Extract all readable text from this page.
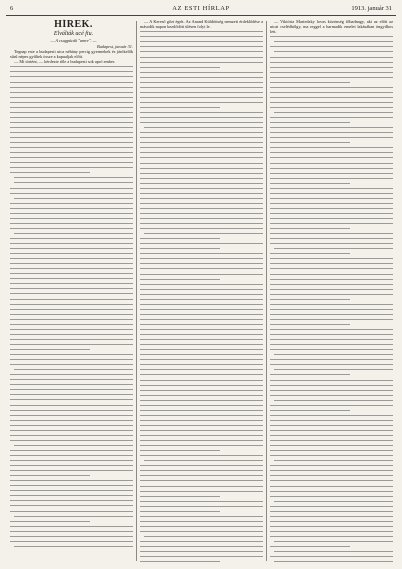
6	AZ ESTI HÍRLAP	1913. január 31

HÍREK.

Elválták ucé fiu.

— A csugpúcák "amre". —

Budapest, január 31.

Tegnap este a budapesti utca néhány percig gyermekek és járókelők sűrű népes gyűltek össze a kapualjak előtt.

— Mi történt, — kérdezte tőle a budapesti sok apró ember.

— A Kereső gőzt égek. Az Anand Küldöttség nemzeti érdeklődése a második napon kezdődött ülésen folyt le.

— Viktória Mariedzky lovas közönség főhadnagy, aki az előtt az utcai cselédhölgy, ma reggel a harmadik emelet lakásában öngyilkos lett.
